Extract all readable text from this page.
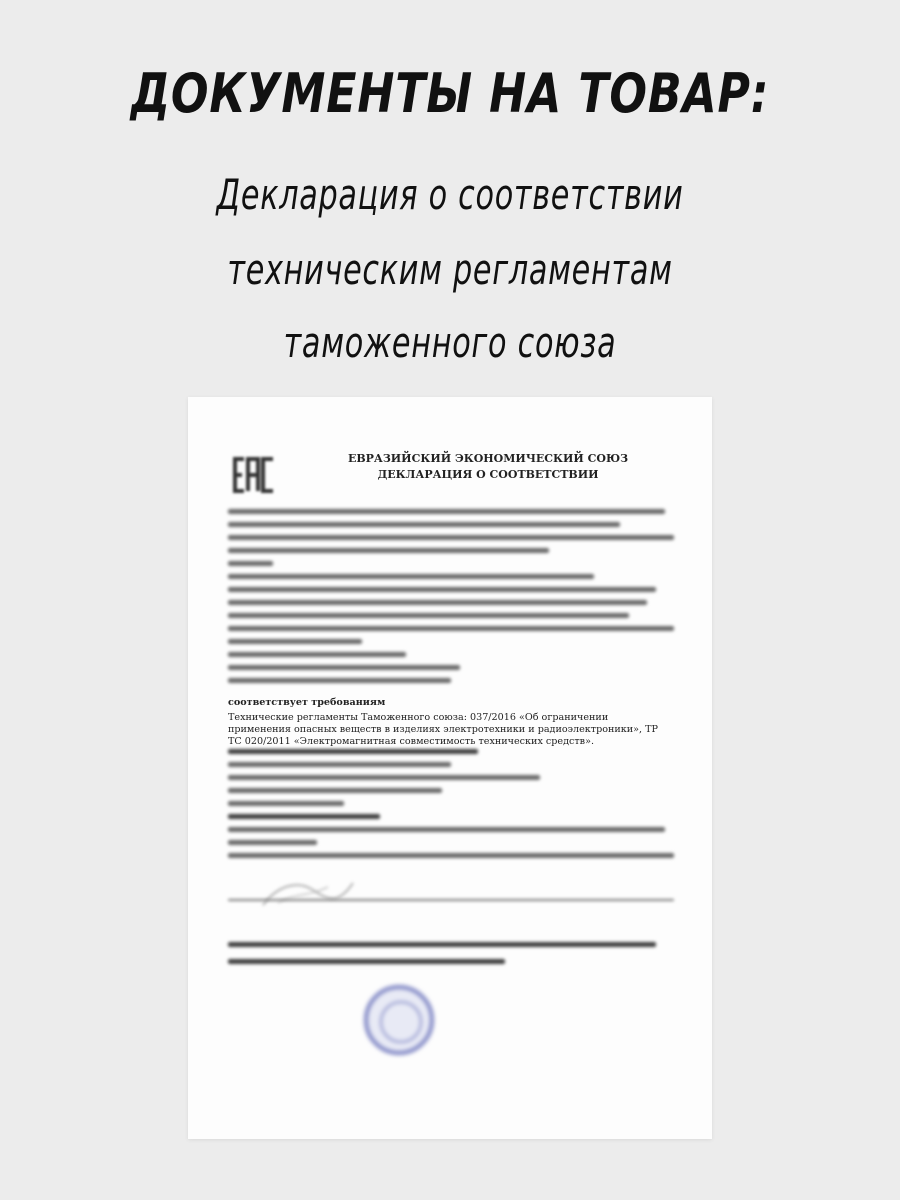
ДОКУМЕНТЫ НА ТОВАР:
Декларация о соответствии
техническим регламентам
таможенного союза
ЕВРАЗИЙСКИЙ ЭКОНОМИЧЕСКИЙ СОЮЗ
ДЕКЛАРАЦИЯ О СООТВЕТСТВИИ
соответствует требованиям
Технические регламенты Таможенного союза: 037/2016 «Об ограничении применения опасных веществ в изделиях электротехники и радиоэлектроники», ТР ТС 020/2011 «Электромагнитная совместимость технических средств».
